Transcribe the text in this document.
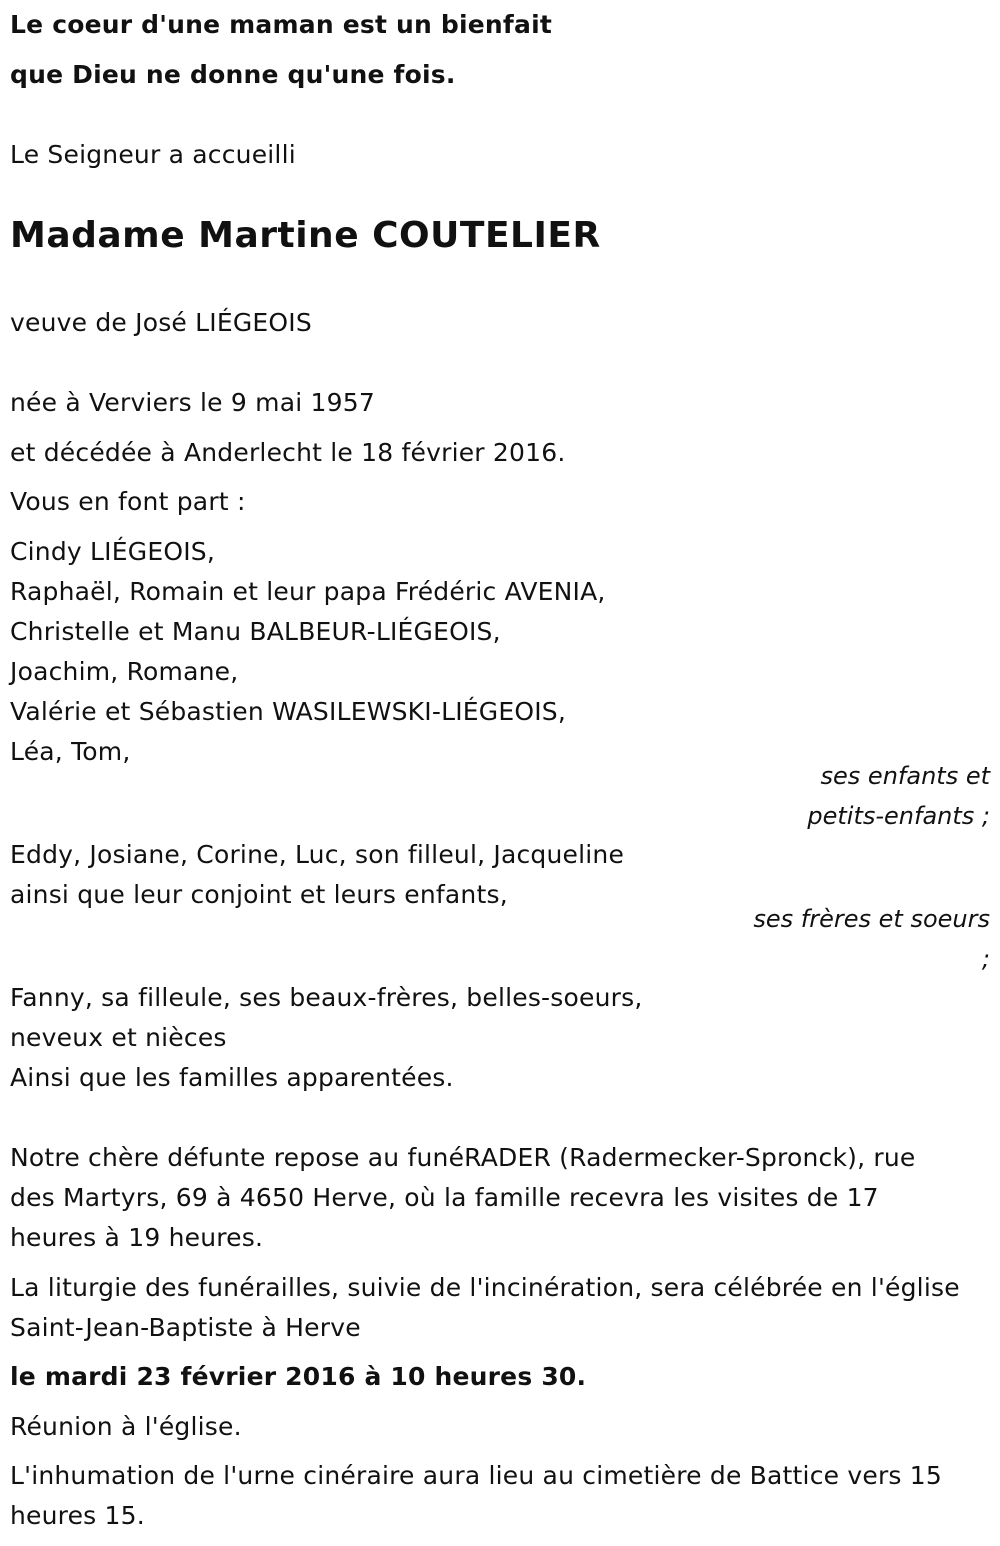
Le coeur d'une maman est un bienfait
que Dieu ne donne qu'une fois.
Le Seigneur a accueilli
Madame Martine COUTELIER
veuve de José LIÉGEOIS
née à Verviers le 9 mai 1957
et décédée à Anderlecht le 18 février 2016.
Vous en font part :
Cindy LIÉGEOIS,
Raphaël, Romain et leur papa Frédéric AVENIA,
Christelle et Manu BALBEUR-LIÉGEOIS,
Joachim, Romane,
Valérie et Sébastien WASILEWSKI-LIÉGEOIS,
Léa, Tom,
ses enfants et
petits-enfants ;
Eddy, Josiane, Corine, Luc, son filleul, Jacqueline
ainsi que leur conjoint et leurs enfants,
ses frères et soeurs
;
Fanny, sa filleule, ses beaux-frères, belles-soeurs,
neveux et nièces
Ainsi que les familles apparentées.
Notre chère défunte repose au funéRADER (Radermecker-Spronck), rue
des Martyrs, 69 à 4650 Herve, où la famille recevra les visites de 17
heures à 19 heures.
La liturgie des funérailles, suivie de l'incinération, sera célébrée en l'église
Saint-Jean-Baptiste à Herve
le mardi 23 février 2016 à 10 heures 30.
Réunion à l'église.
L'inhumation de l'urne cinéraire aura lieu au cimetière de Battice vers 15
heures 15.
